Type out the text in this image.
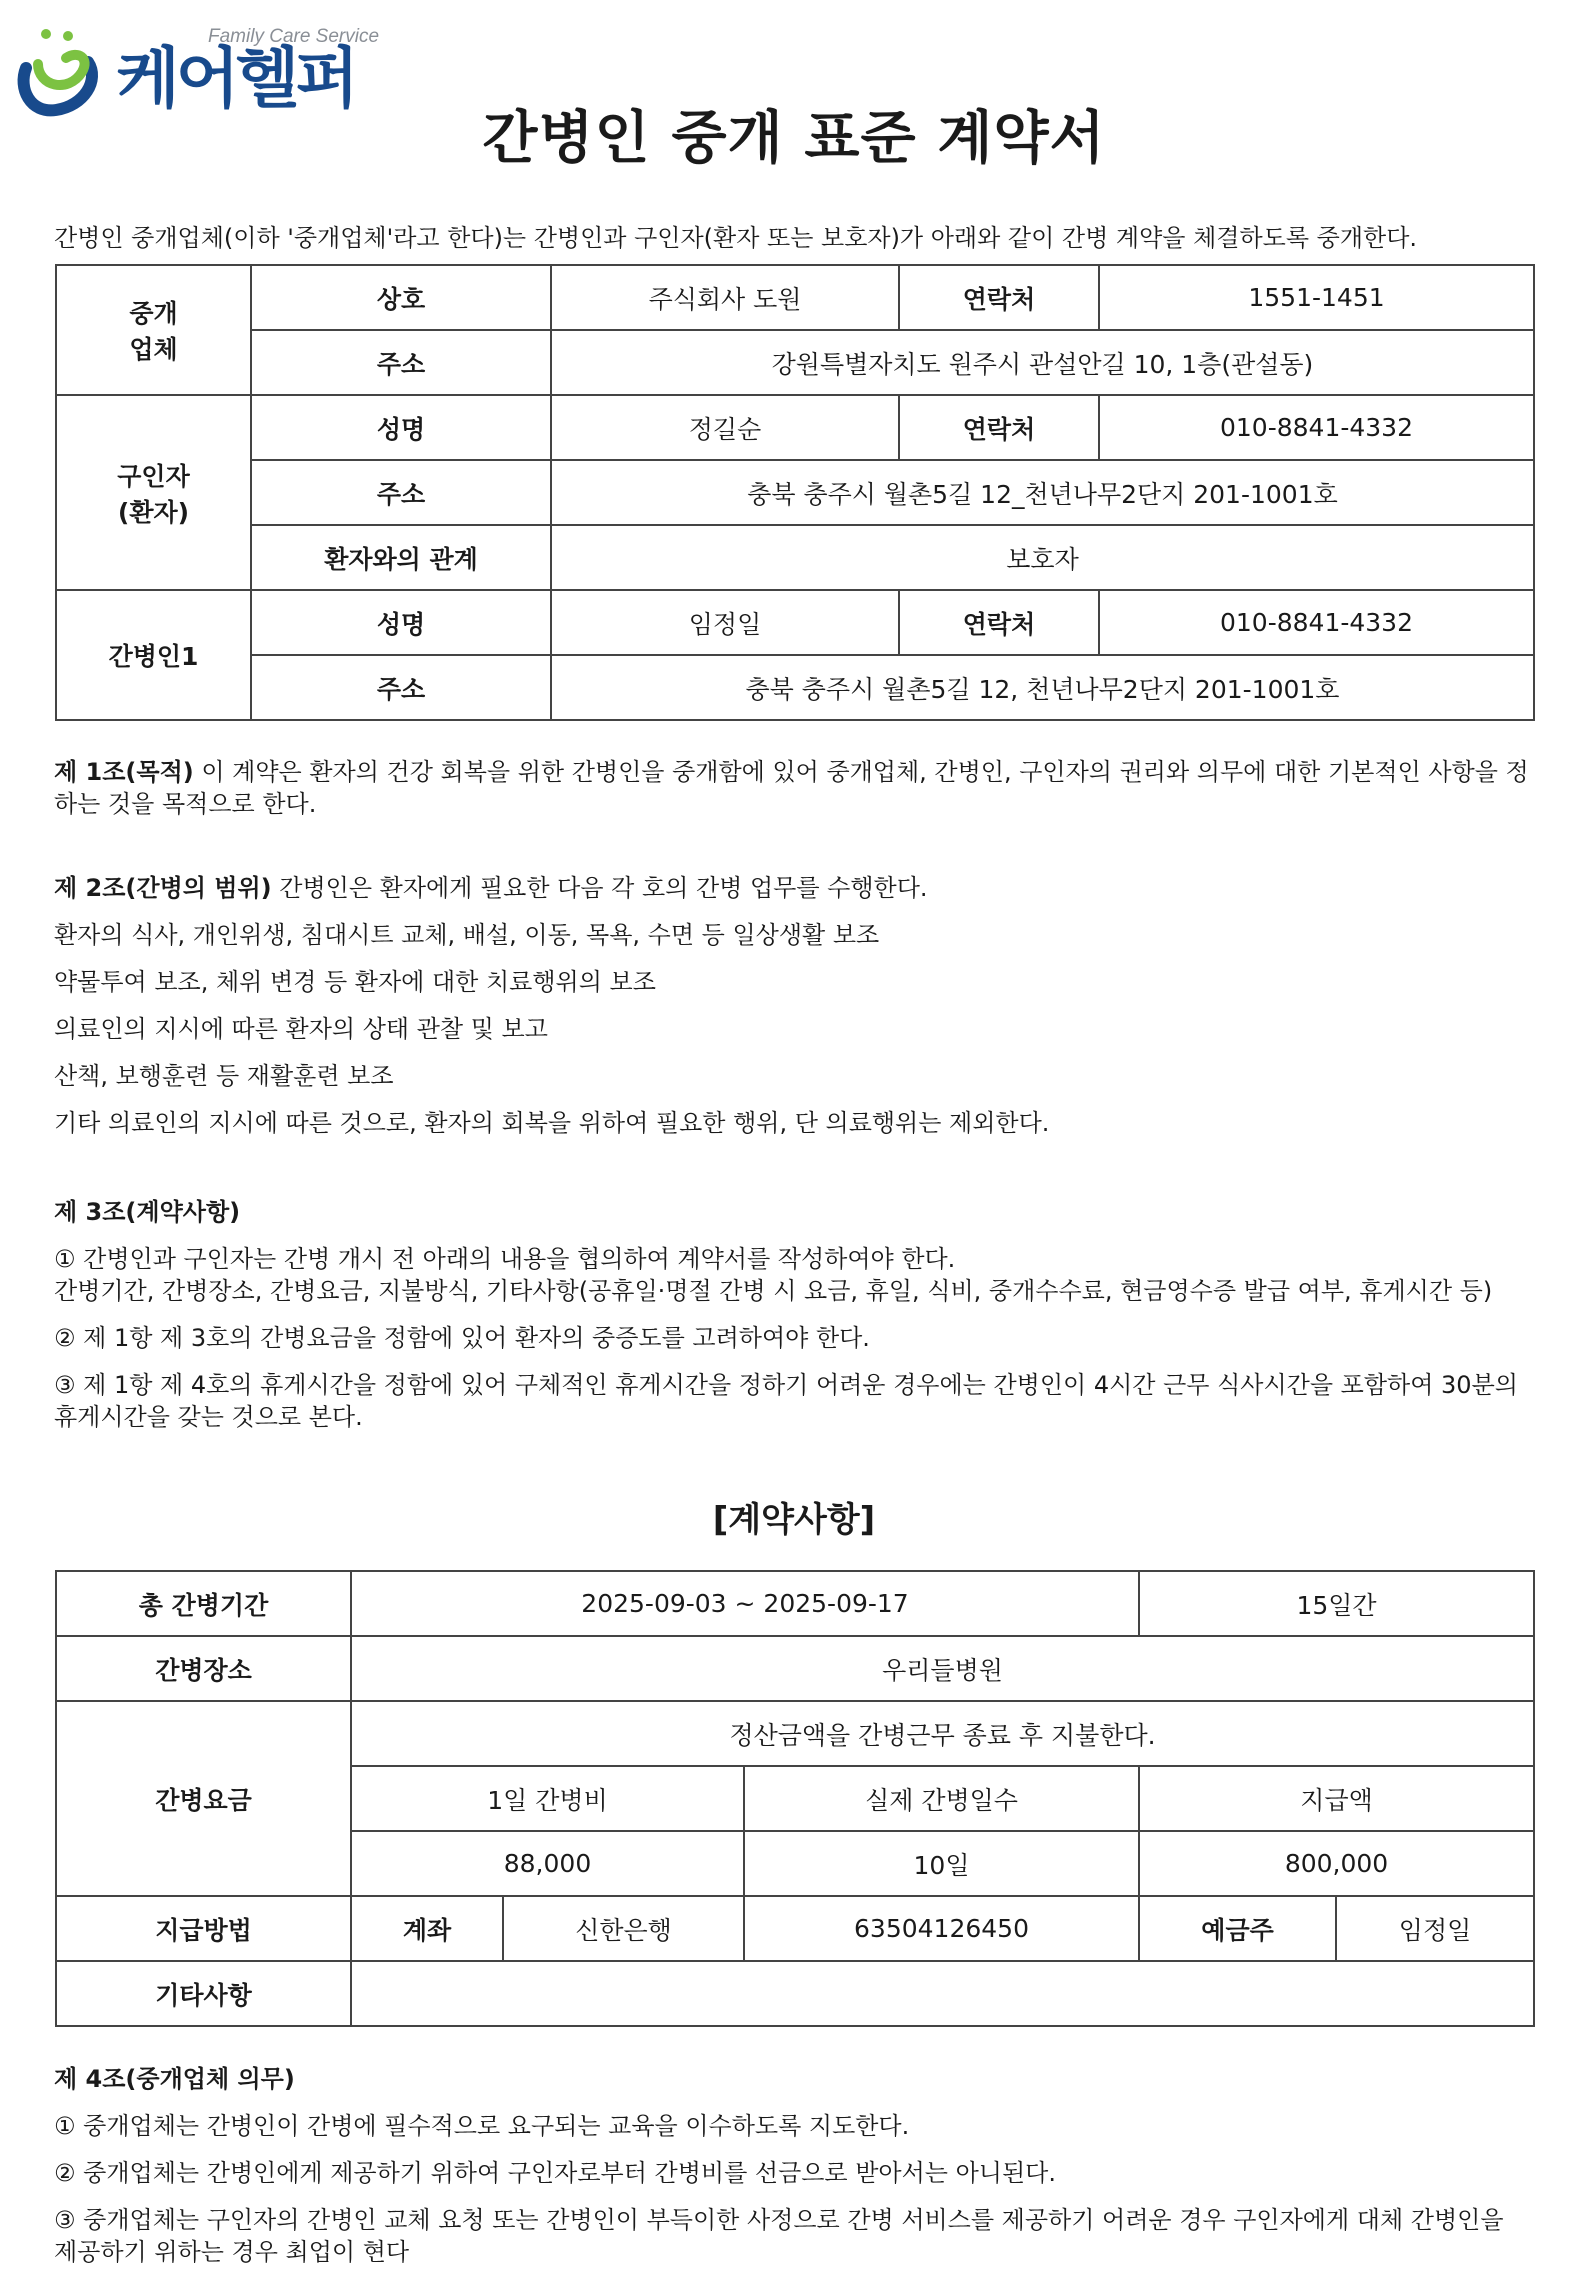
Family Care Service
케어헬퍼
간병인 중개 표준 계약서
간병인 중개업체(이하 '중개업체'라고 한다)는 간병인과 구인자(환자 또는 보호자)가 아래와 같이 간병 계약을 체결하도록 중개한다.
중개
업체	상호	주식회사 도원	연락처	1551-1451
	주소	강원특별자치도 원주시 관설안길 10, 1층(관설동)		
구인자
(환자)	성명	정길순	연락처	010-8841-4332
	주소	충북 충주시 월촌5길 12_천년나무2단지 201-1001호		
	환자와의 관계	보호자		
간병인1	성명	임정일	연락처	010-8841-4332
	주소	충북 충주시 월촌5길 12, 천년나무2단지 201-1001호		

제 1조(목적) 이 계약은 환자의 건강 회복을 위한 간병인을 중개함에 있어 중개업체, 간병인, 구인자의 권리와 의무에 대한 기본적인 사항을 정하는 것을 목적으로 한다.

제 2조(간병의 범위) 간병인은 환자에게 필요한 다음 각 호의 간병 업무를 수행한다.

환자의 식사, 개인위생, 침대시트 교체, 배설, 이동, 목욕, 수면 등 일상생활 보조

약물투여 보조, 체위 변경 등 환자에 대한 치료행위의 보조

의료인의 지시에 따른 환자의 상태 관찰 및 보고

산책, 보행훈련 등 재활훈련 보조

기타 의료인의 지시에 따른 것으로, 환자의 회복을 위하여 필요한 행위, 단 의료행위는 제외한다.

제 3조(계약사항)

① 간병인과 구인자는 간병 개시 전 아래의 내용을 협의하여 계약서를 작성하여야 한다.
간병기간, 간병장소, 간병요금, 지불방식, 기타사항(공휴일·명절 간병 시 요금, 휴일, 식비, 중개수수료, 현금영수증 발급 여부, 휴게시간 등)

② 제 1항 제 3호의 간병요금을 정함에 있어 환자의 중증도를 고려하여야 한다.

③ 제 1항 제 4호의 휴게시간을 정함에 있어 구체적인 휴게시간을 정하기 어려운 경우에는 간병인이 4시간 근무 식사시간을 포함하여 30분의 휴게시간을 갖는 것으로 본다.

[계약사항]
총 간병기간	2025-09-03 ~ 2025-09-17			15일간	
간병장소	우리들병원				
간병요금	정산금액을 간병근무 종료 후 지불한다.				
	1일 간병비		실제 간병일수	지급액	
	88,000		10일	800,000	
지급방법	계좌	신한은행	63504126450	예금주	임정일
기타사항					

제 4조(중개업체 의무)

① 중개업체는 간병인이 간병에 필수적으로 요구되는 교육을 이수하도록 지도한다.

② 중개업체는 간병인에게 제공하기 위하여 구인자로부터 간병비를 선금으로 받아서는 아니된다.

③ 중개업체는 구인자의 간병인 교체 요청 또는 간병인이 부득이한 사정으로 간병 서비스를 제공하기 어려운 경우 구인자에게 대체 간병인을 제공하기 위하는 경우 최업이 현다
